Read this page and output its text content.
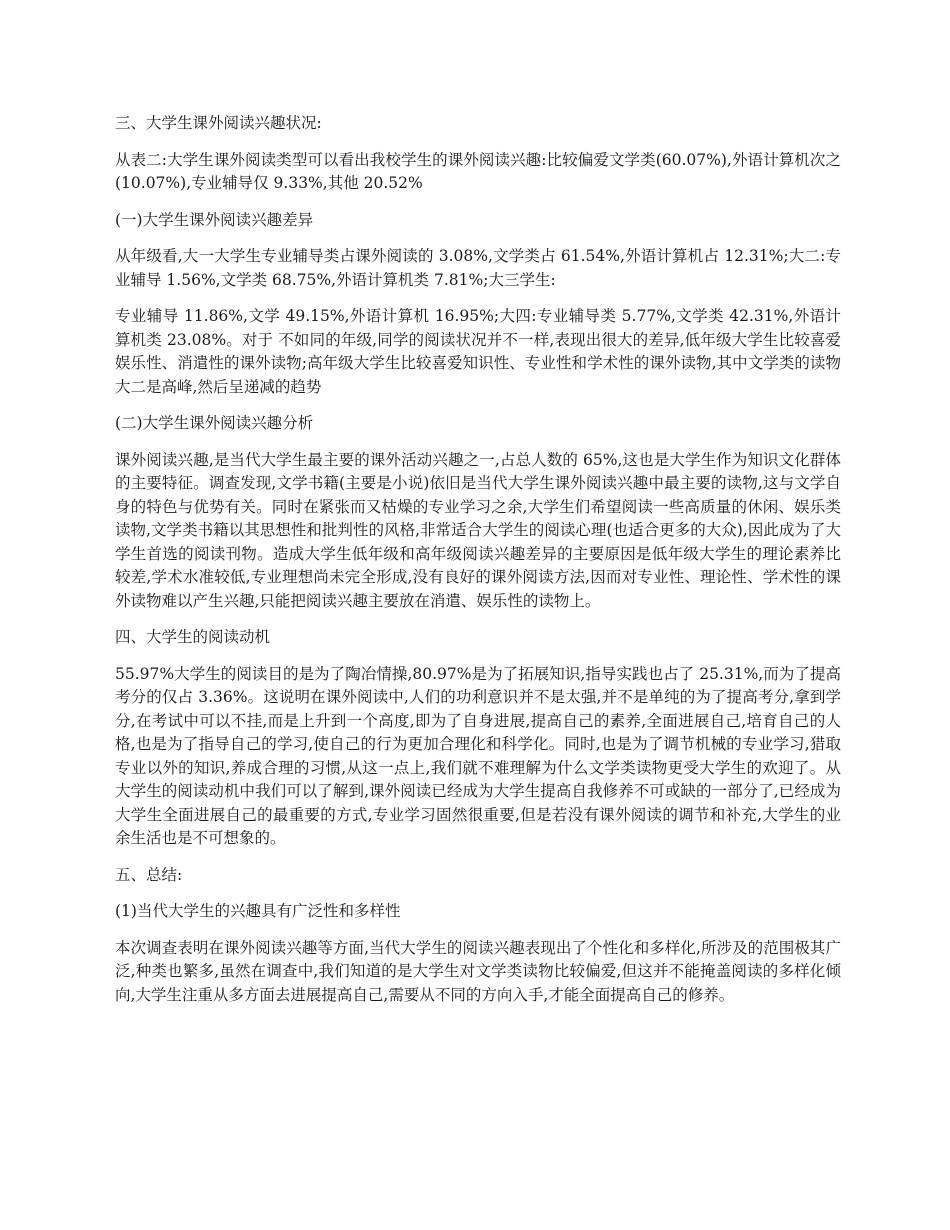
三、大学生课外阅读兴趣状况:
从表二:大学生课外阅读类型可以看出我校学生的课外阅读兴趣:比较偏爱文学类(60.07%),外语计算机次之(10.07%),专业辅导仅 9.33%,其他 20.52%
(一)大学生课外阅读兴趣差异
从年级看,大一大学生专业辅导类占课外阅读的 3.08%,文学类占 61.54%,外语计算机占 12.31%;大二:专业辅导 1.56%,文学类 68.75%,外语计算机类 7.81%;大三学生:
专业辅导 11.86%,文学 49.15%,外语计算机 16.95%;大四:专业辅导类 5.77%,文学类 42.31%,外语计算机类 23.08%。对于 不如同的年级,同学的阅读状况并不一样,表现出很大的差异,低年级大学生比较喜爱娱乐性、消遣性的课外读物;高年级大学生比较喜爱知识性、专业性和学术性的课外读物,其中文学类的读物大二是高峰,然后呈递减的趋势
(二)大学生课外阅读兴趣分析
课外阅读兴趣,是当代大学生最主要的课外活动兴趣之一,占总人数的 65%,这也是大学生作为知识文化群体的主要特征。调查发现,文学书籍(主要是小说)依旧是当代大学生课外阅读兴趣中最主要的读物,这与文学自身的特色与优势有关。同时在紧张而又枯燥的专业学习之余,大学生们希望阅读一些高质量的休闲、娱乐类读物,文学类书籍以其思想性和批判性的风格,非常适合大学生的阅读心理(也适合更多的大众),因此成为了大学生首选的阅读刊物。造成大学生低年级和高年级阅读兴趣差异的主要原因是低年级大学生的理论素养比较差,学术水准较低,专业理想尚未完全形成,没有良好的课外阅读方法,因而对专业性、理论性、学术性的课外读物难以产生兴趣,只能把阅读兴趣主要放在消遣、娱乐性的读物上。
四、大学生的阅读动机
55.97%大学生的阅读目的是为了陶冶情操,80.97%是为了拓展知识,指导实践也占了 25.31%,而为了提高考分的仅占 3.36%。这说明在课外阅读中,人们的功利意识并不是太强,并不是单纯的为了提高考分,拿到学分,在考试中可以不挂,而是上升到一个高度,即为了自身进展,提高自己的素养,全面进展自己,培育自己的人格,也是为了指导自己的学习,使自己的行为更加合理化和科学化。同时,也是为了调节机械的专业学习,猎取专业以外的知识,养成合理的习惯,从这一点上,我们就不难理解为什么文学类读物更受大学生的欢迎了。从大学生的阅读动机中我们可以了解到,课外阅读已经成为大学生提高自我修养不可或缺的一部分了,已经成为大学生全面进展自己的最重要的方式,专业学习固然很重要,但是若没有课外阅读的调节和补充,大学生的业余生活也是不可想象的。
五、总结:
(1)当代大学生的兴趣具有广泛性和多样性
本次调查表明在课外阅读兴趣等方面,当代大学生的阅读兴趣表现出了个性化和多样化,所涉及的范围极其广泛,种类也繁多,虽然在调查中,我们知道的是大学生对文学类读物比较偏爱,但这并不能掩盖阅读的多样化倾向,大学生注重从多方面去进展提高自己,需要从不同的方向入手,才能全面提高自己的修养。
